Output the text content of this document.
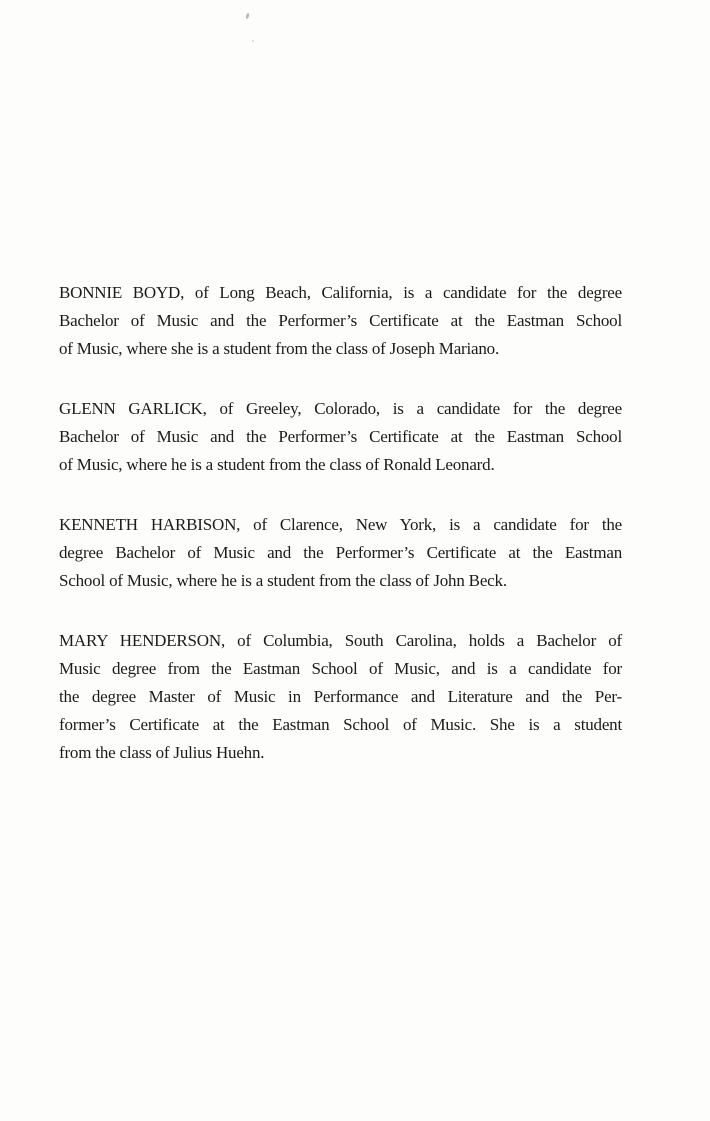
BONNIE BOYD, of Long Beach, California, is a candidate for the degree
Bachelor of Music and the Performer’s Certificate at the Eastman School
of Music, where she is a student from the class of Joseph Mariano.
GLENN GARLICK, of Greeley, Colorado, is a candidate for the degree
Bachelor of Music and the Performer’s Certificate at the Eastman School
of Music, where he is a student from the class of Ronald Leonard.
KENNETH HARBISON, of Clarence, New York, is a candidate for the
degree Bachelor of Music and the Performer’s Certificate at the Eastman
School of Music, where he is a student from the class of John Beck.
MARY HENDERSON, of Columbia, South Carolina, holds a Bachelor of
Music degree from the Eastman School of Music, and is a candidate for
the degree Master of Music in Performance and Literature and the Per-
former’s Certificate at the Eastman School of Music. She is a student
from the class of Julius Huehn.
